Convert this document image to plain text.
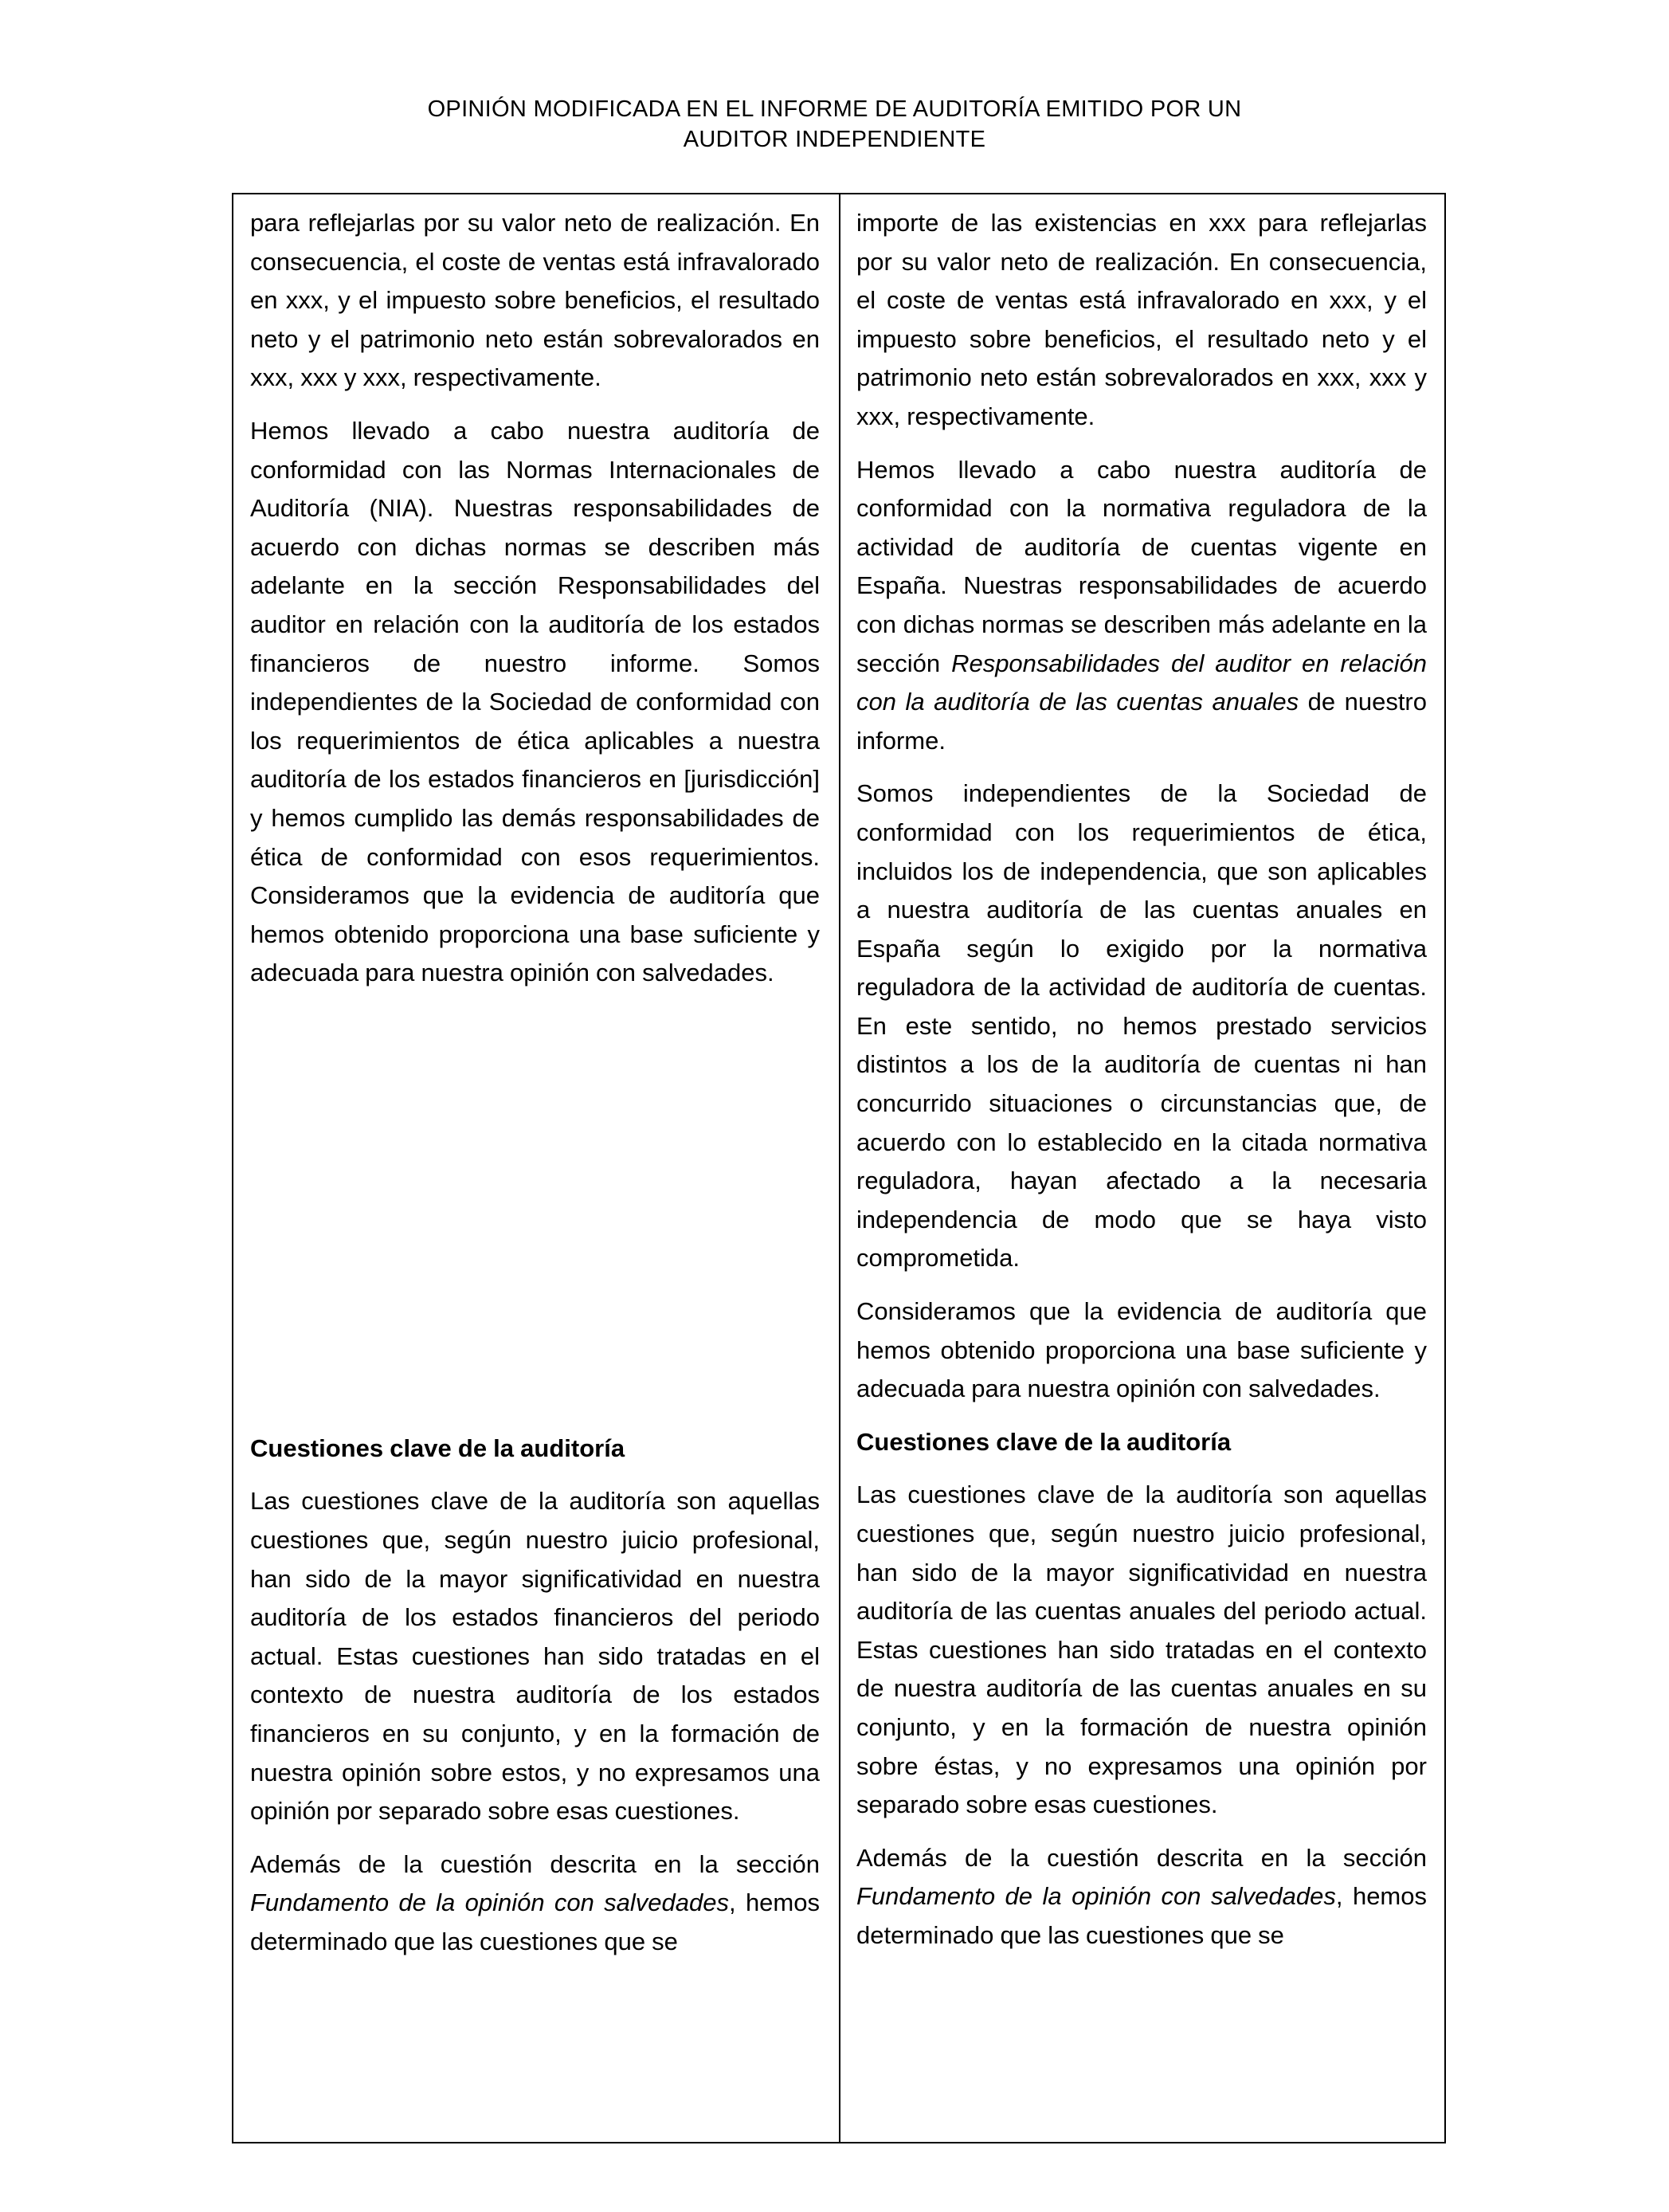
OPINIÓN MODIFICADA EN EL INFORME DE AUDITORÍA EMITIDO POR UN
AUDITOR INDEPENDIENTE

para reflejarlas por su valor neto de realización. En consecuencia, el coste de ventas está infravalorado en xxx, y el impuesto sobre beneficios, el resultado neto y el patrimonio neto están sobrevalorados en xxx, xxx y xxx, respectivamente.

Hemos llevado a cabo nuestra auditoría de conformidad con las Normas Internacionales de Auditoría (NIA). Nuestras responsabilidades de acuerdo con dichas normas se describen más adelante en la sección Responsabilidades del auditor en relación con la auditoría de los estados financieros de nuestro informe. Somos independientes de la Sociedad de conformidad con los requerimientos de ética aplicables a nuestra auditoría de los estados financieros en [jurisdicción] y hemos cumplido las demás responsabilidades de ética de conformidad con esos requerimientos. Consideramos que la evidencia de auditoría que hemos obtenido proporciona una base suficiente y adecuada para nuestra opinión con salvedades.

Cuestiones clave de la auditoría

Las cuestiones clave de la auditoría son aquellas cuestiones que, según nuestro juicio profesional, han sido de la mayor significatividad en nuestra auditoría de los estados financieros del periodo actual. Estas cuestiones han sido tratadas en el contexto de nuestra auditoría de los estados financieros en su conjunto, y en la formación de nuestra opinión sobre estos, y no expresamos una opinión por separado sobre esas cuestiones.

Además de la cuestión descrita en la sección Fundamento de la opinión con salvedades, hemos determinado que las cuestiones que se

importe de las existencias en xxx para reflejarlas por su valor neto de realización. En consecuencia, el coste de ventas está infravalorado en xxx, y el impuesto sobre beneficios, el resultado neto y el patrimonio neto están sobrevalorados en xxx, xxx y xxx, respectivamente.

Hemos llevado a cabo nuestra auditoría de conformidad con la normativa reguladora de la actividad de auditoría de cuentas vigente en España. Nuestras responsabilidades de acuerdo con dichas normas se describen más adelante en la sección Responsabilidades del auditor en relación con la auditoría de las cuentas anuales de nuestro informe.

Somos independientes de la Sociedad de conformidad con los requerimientos de ética, incluidos los de independencia, que son aplicables a nuestra auditoría de las cuentas anuales en España según lo exigido por la normativa reguladora de la actividad de auditoría de cuentas. En este sentido, no hemos prestado servicios distintos a los de la auditoría de cuentas ni han concurrido situaciones o circunstancias que, de acuerdo con lo establecido en la citada normativa reguladora, hayan afectado a la necesaria independencia de modo que se haya visto comprometida.

Consideramos que la evidencia de auditoría que hemos obtenido proporciona una base suficiente y adecuada para nuestra opinión con salvedades.

Cuestiones clave de la auditoría

Las cuestiones clave de la auditoría son aquellas cuestiones que, según nuestro juicio profesional, han sido de la mayor significatividad en nuestra auditoría de las cuentas anuales del periodo actual. Estas cuestiones han sido tratadas en el contexto de nuestra auditoría de las cuentas anuales en su conjunto, y en la formación de nuestra opinión sobre éstas, y no expresamos una opinión por separado sobre esas cuestiones.

Además de la cuestión descrita en la sección Fundamento de la opinión con salvedades, hemos determinado que las cuestiones que se
